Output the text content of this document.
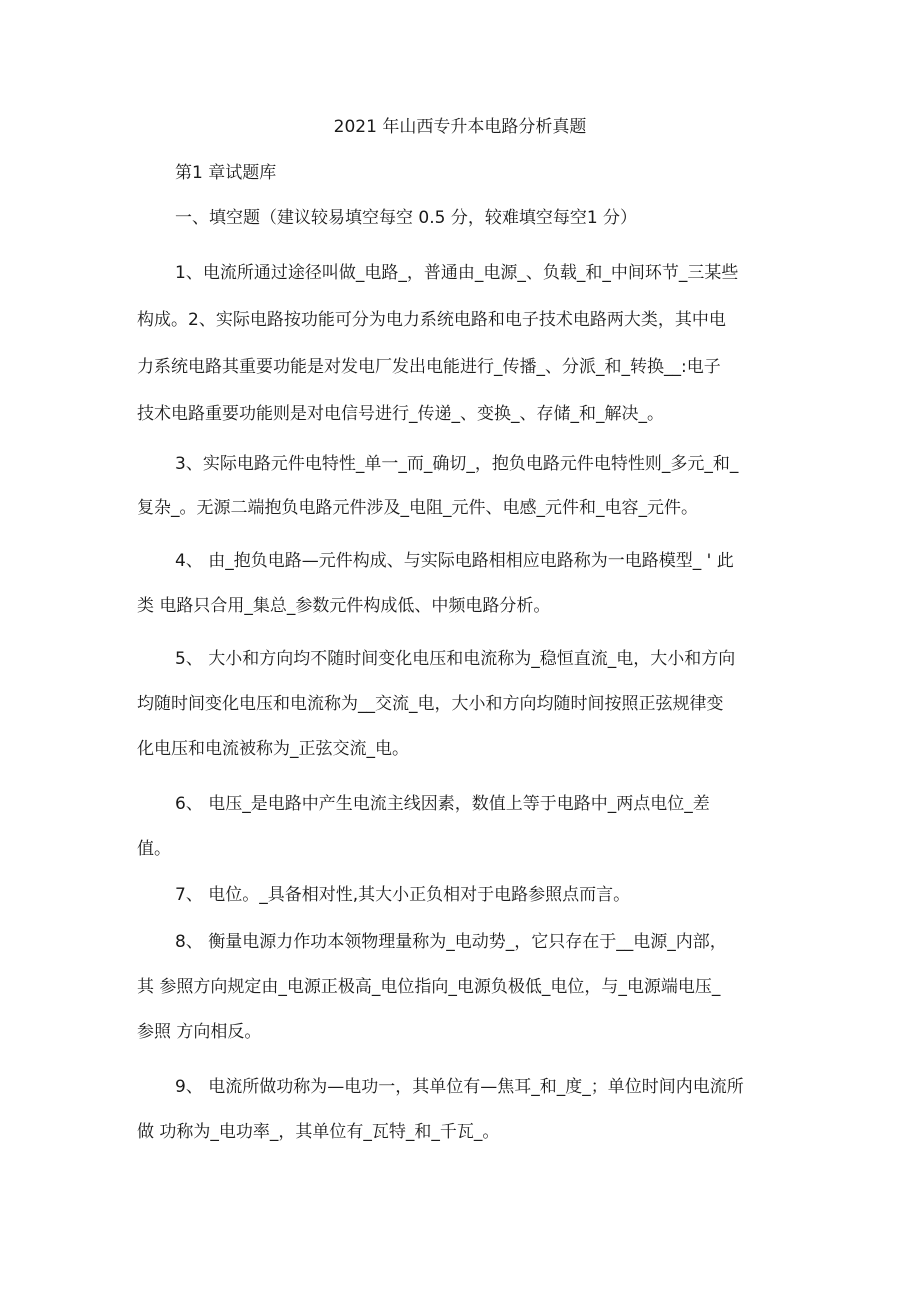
2021 年山西专升本电路分析真题
第1 章试题库
一、填空题（建议较易填空每空 0.5 分，较难填空每空1 分）
1、电流所通过途径叫做_电路_，普通由_电源_、负载_和_中间环节_三某些
构成。2、实际电路按功能可分为电力系统电路和电子技术电路两大类，其中电
力系统电路其重要功能是对发电厂发出电能进行_传播_、分派_和_转换__:电子
技术电路重要功能则是对电信号进行_传递_、变换_、存储_和_解决_。
3、实际电路元件电特性_单一_而_确切_，抱负电路元件电特性则_多元_和_
复杂_。无源二端抱负电路元件涉及_电阻_元件、电感_元件和_电容_元件。
4、 由_抱负电路—元件构成、与实际电路相相应电路称为一电路模型_ ' 此
类 电路只合用_集总_参数元件构成低、中频电路分析。
5、 大小和方向均不随时间变化电压和电流称为_稳恒直流_电，大小和方向
均随时间变化电压和电流称为__交流_电，大小和方向均随时间按照正弦规律变
化电压和电流被称为_正弦交流_电。
6、 电压_是电路中产生电流主线因素，数值上等于电路中_两点电位_差
值。
7、 电位。_具备相对性,其大小正负相对于电路参照点而言。
8、 衡量电源力作功本领物理量称为_电动势_，它只存在于__电源_内部，
其 参照方向规定由_电源正极高_电位指向_电源负极低_电位，与_电源端电压_
参照 方向相反。
9、 电流所做功称为—电功一，其单位有—焦耳_和_度_；单位时间内电流所
做 功称为_电功率_，其单位有_瓦特_和_千瓦_。
